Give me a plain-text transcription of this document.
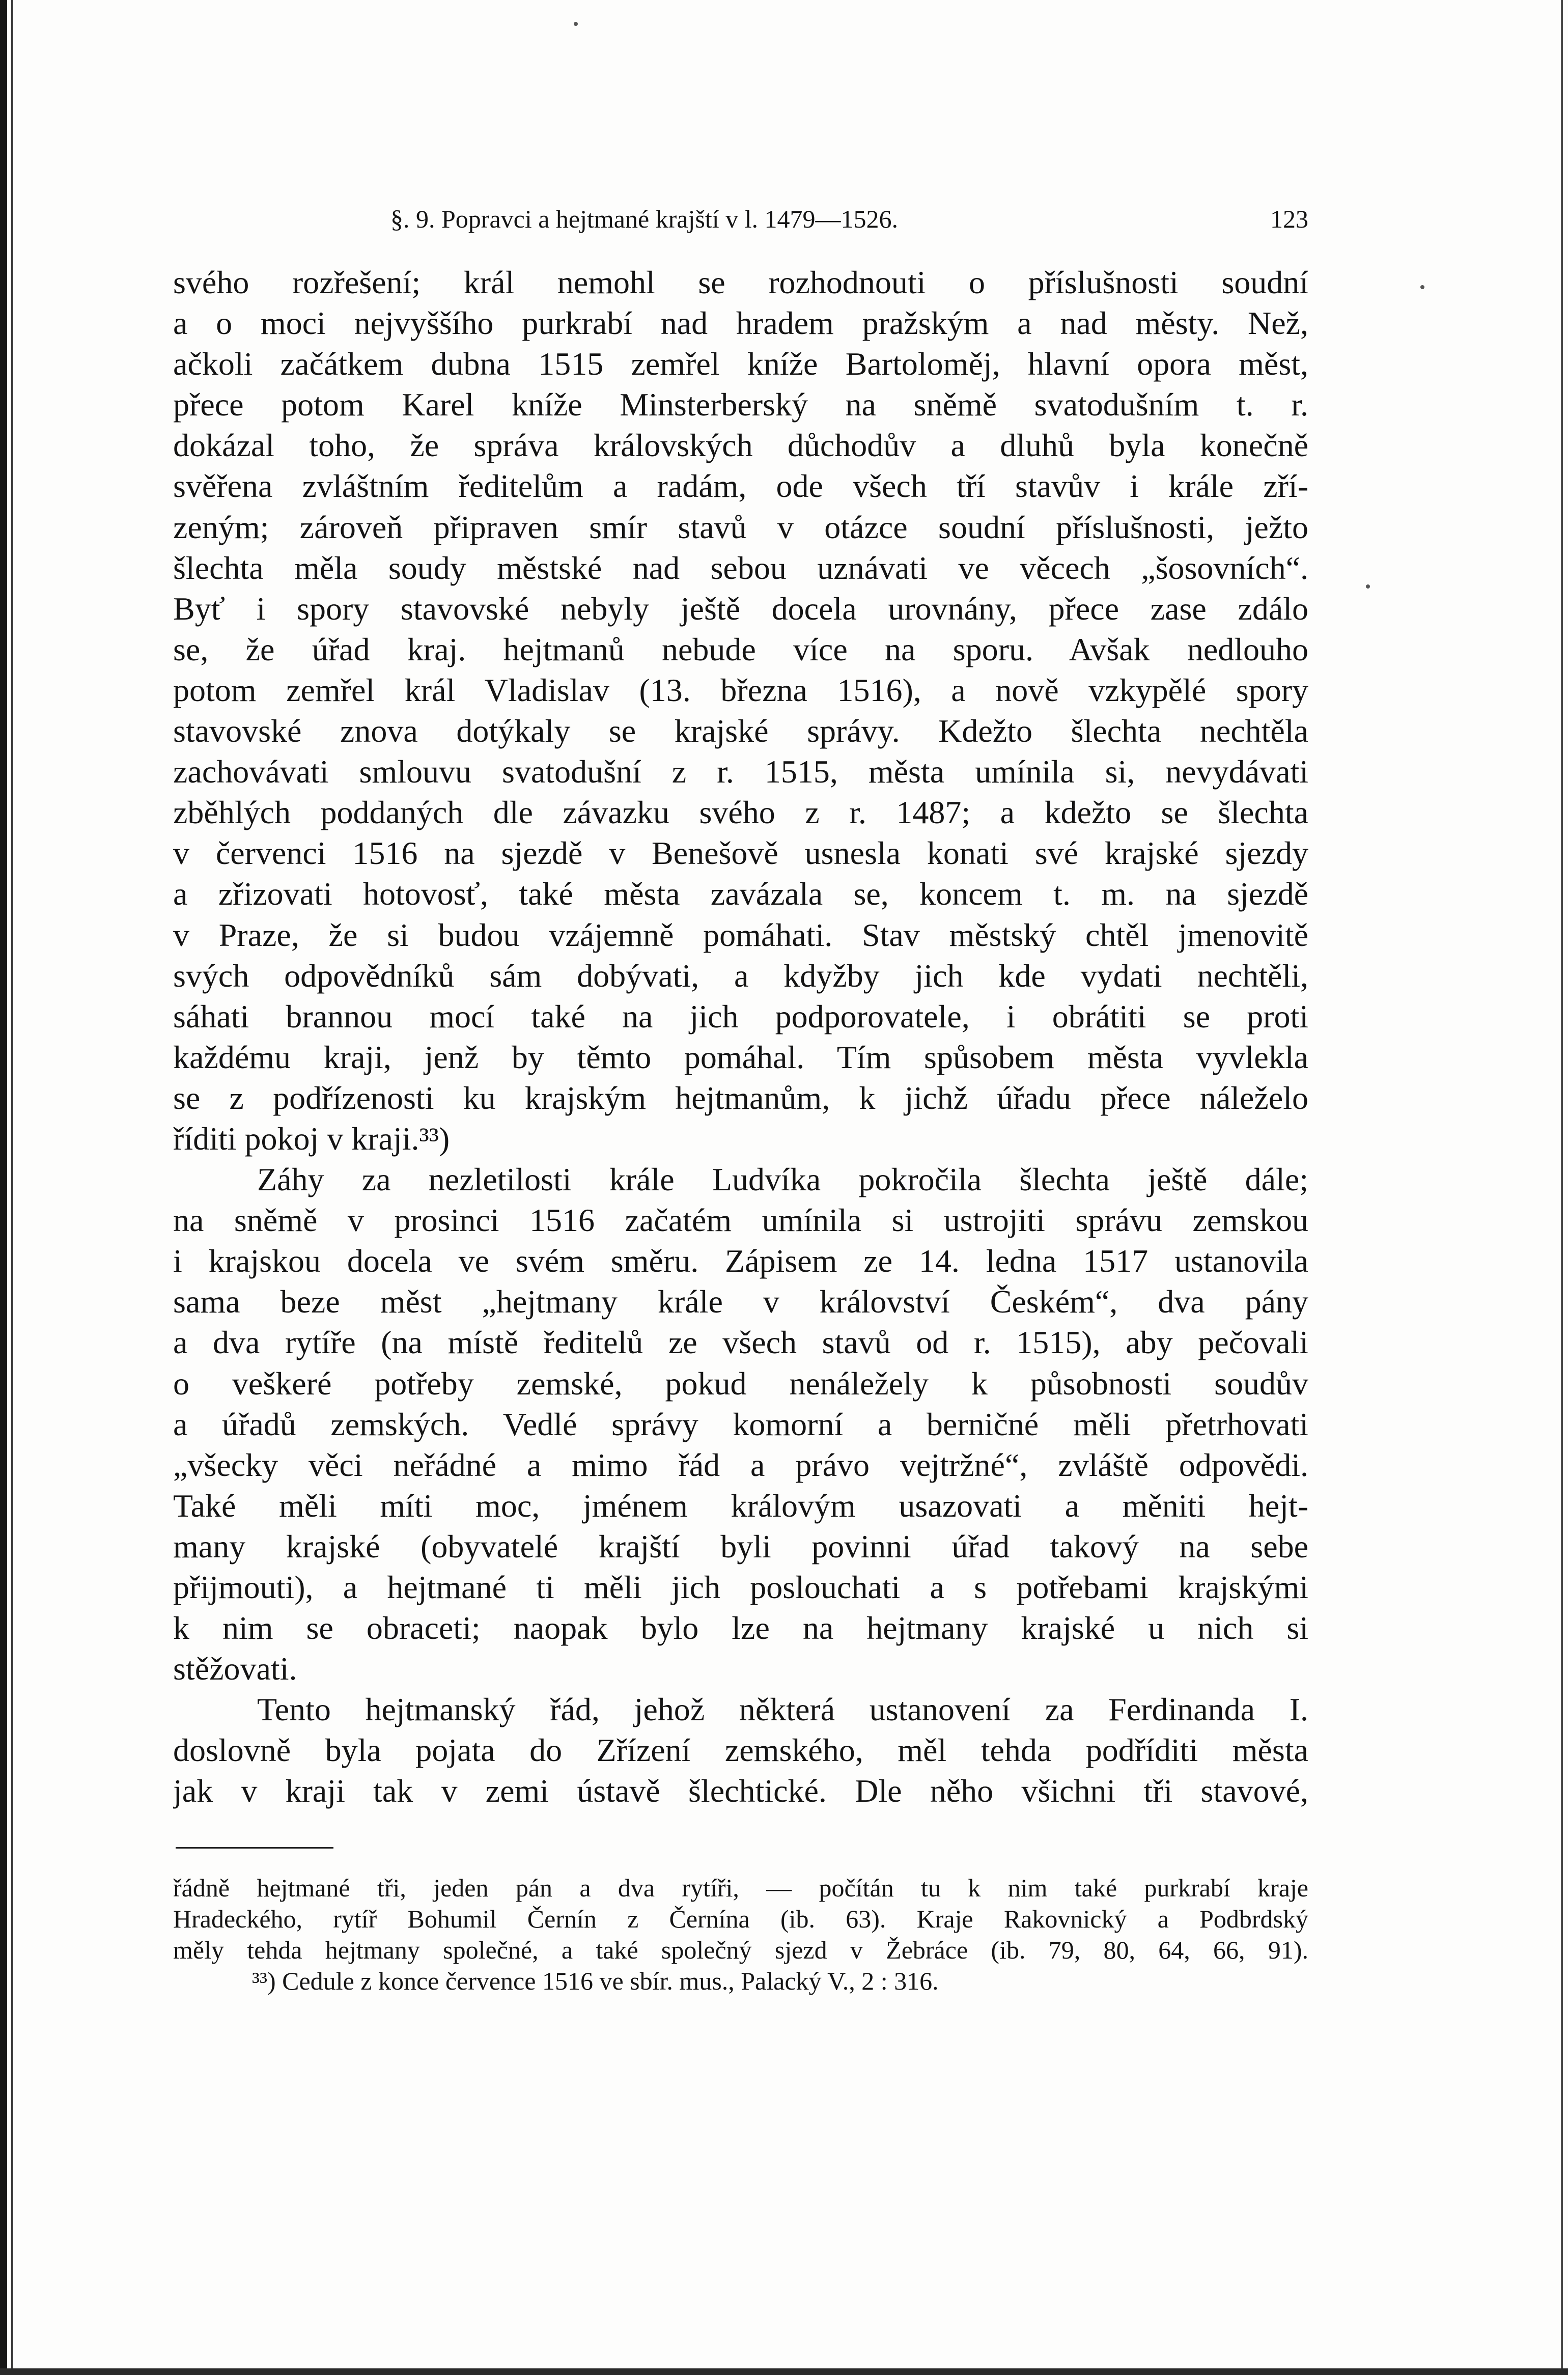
§. 9. Popravci a hejtmané krajští v l. 1479—1526.	123
svého rozřešení; král nemohl se rozhodnouti o příslušnosti soudní
a o moci nejvyššího purkrabí nad hradem pražským a nad městy. Než,
ačkoli začátkem dubna 1515 zemřel kníže Bartoloměj, hlavní opora měst,
přece potom Karel kníže Minsterberský na sněmě svatodušním t. r.
dokázal toho, že správa královských důchodův a dluhů byla konečně
svěřena zvláštním ředitelům a radám, ode všech tří stavův i krále zří-
zeným; zároveň připraven smír stavů v otázce soudní příslušnosti, ježto
šlechta měla soudy městské nad sebou uznávati ve věcech „šosovních“.
Byť i spory stavovské nebyly ještě docela urovnány, přece zase zdálo
se, že úřad kraj. hejtmanů nebude více na sporu. Avšak nedlouho
potom zemřel král Vladislav (13. března 1516), a nově vzkypělé spory
stavovské znova dotýkaly se krajské správy. Kdežto šlechta nechtěla
zachovávati smlouvu svatodušní z r. 1515, města umínila si, nevydávati
zběhlých poddaných dle závazku svého z r. 1487; a kdežto se šlechta
v červenci 1516 na sjezdě v Benešově usnesla konati své krajské sjezdy
a zřizovati hotovosť, také města zavázala se, koncem t. m. na sjezdě
v Praze, že si budou vzájemně pomáhati. Stav městský chtěl jmenovitě
svých odpovědníků sám dobývati, a kdyžby jich kde vydati nechtěli,
sáhati brannou mocí také na jich podporovatele, i obrátiti se proti
každému kraji, jenž by těmto pomáhal. Tím spůsobem města vyvlekla
se z podřízenosti ku krajským hejtmanům, k jichž úřadu přece náleželo
říditi pokoj v kraji.³³)
Záhy za nezletilosti krále Ludvíka pokročila šlechta ještě dále;
na sněmě v prosinci 1516 začatém umínila si ustrojiti správu zemskou
i krajskou docela ve svém směru. Zápisem ze 14. ledna 1517 ustanovila
sama beze měst „hejtmany krále v království Českém“, dva pány
a dva rytíře (na místě ředitelů ze všech stavů od r. 1515), aby pečovali
o veškeré potřeby zemské, pokud nenáležely k působnosti soudův
a úřadů zemských. Vedlé správy komorní a berničné měli přetrhovati
„všecky věci neřádné a mimo řád a právo vejtržné“, zvláště odpovědi.
Také měli míti moc, jménem královým usazovati a měniti hejt-
many krajské (obyvatelé krajští byli povinni úřad takový na sebe
přijmouti), a hejtmané ti měli jich poslouchati a s potřebami krajskými
k nim se obraceti; naopak bylo lze na hejtmany krajské u nich si
stěžovati.
Tento hejtmanský řád, jehož některá ustanovení za Ferdinanda I.
doslovně byla pojata do Zřízení zemského, měl tehda podříditi města
jak v kraji tak v zemi ústavě šlechtické. Dle něho všichni tři stavové,
řádně hejtmané tři, jeden pán a dva rytíři, — počítán tu k nim také purkrabí kraje
Hradeckého, rytíř Bohumil Černín z Černína (ib. 63). Kraje Rakovnický a Podbrdský
měly tehda hejtmany společné, a také společný sjezd v Žebrácе (ib. 79, 80, 64, 66, 91).
³³) Cedule z konce července 1516 ve sbír. mus., Palacký V., 2 : 316.
